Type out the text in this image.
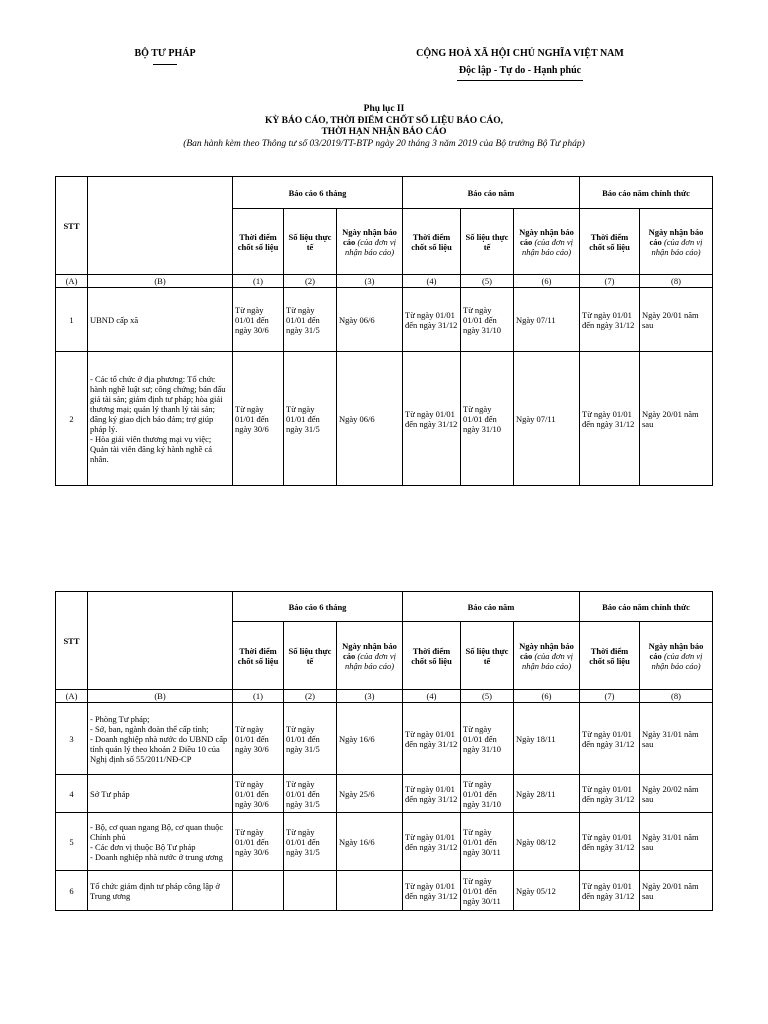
BỘ TƯ PHÁP	CỘNG HOÀ XÃ HỘI CHỦ NGHĨA VIỆT NAM
Độc lập - Tự do - Hạnh phúc
Phụ lục II
KỲ BÁO CÁO, THỜI ĐIỂM CHỐT SỐ LIỆU BÁO CÁO,
THỜI HẠN NHẬN BÁO CÁO
(Ban hành kèm theo Thông tư số 03/2019/TT-BTP ngày 20 tháng 3 năm 2019 của Bộ trưởng Bộ Tư pháp)
STT		Báo cáo 6 tháng			Báo cáo năm			Báo cáo năm chính thức	
		Thời điểm chốt số liệu	Số liệu thực tế	Ngày nhận báo cáo (của đơn vị nhận báo cáo)	Thời điểm chốt số liệu	Số liệu thực tế	Ngày nhận báo cáo (của đơn vị nhận báo cáo)	Thời điểm chốt số liệu	Ngày nhận báo cáo (của đơn vị nhận báo cáo)
(A)	(B)	(1)	(2)	(3)	(4)	(5)	(6)	(7)	(8)
1	UBND cấp xã	Từ ngày 01/01 đến ngày 30/6	Từ ngày 01/01 đến ngày 31/5	Ngày 06/6	Từ ngày 01/01 đến ngày 31/12	Từ ngày 01/01 đến ngày 31/10	Ngày 07/11	Từ ngày 01/01 đến ngày 31/12	Ngày 20/01 năm sau
2	- Các tổ chức ở địa phương: Tổ chức hành nghề luật sư; công chứng; bán đấu giá tài sản; giám định tư pháp; hòa giải thương mại; quản lý thanh lý tài sản; đăng ký giao dịch bảo đảm; trợ giúp pháp lý.
- Hòa giải viên thương mại vụ việc; Quản tài viên đăng ký hành nghề cá nhân.	Từ ngày 01/01 đến ngày 30/6	Từ ngày 01/01 đến ngày 31/5	Ngày 06/6	Từ ngày 01/01 đến ngày 31/12	Từ ngày 01/01 đến ngày 31/10	Ngày 07/11	Từ ngày 01/01 đến ngày 31/12	Ngày 20/01 năm sau
STT		Báo cáo 6 tháng			Báo cáo năm			Báo cáo năm chính thức	
		Thời điểm chốt số liệu	Số liệu thực tế	Ngày nhận báo cáo (của đơn vị nhận báo cáo)	Thời điểm chốt số liệu	Số liệu thực tế	Ngày nhận báo cáo (của đơn vị nhận báo cáo)	Thời điểm chốt số liệu	Ngày nhận báo cáo (của đơn vị nhận báo cáo)
(A)	(B)	(1)	(2)	(3)	(4)	(5)	(6)	(7)	(8)
3	- Phòng Tư pháp;
- Sở, ban, ngành đoàn thể cấp tỉnh;
- Doanh nghiệp nhà nước do UBND cấp tỉnh quản lý theo khoản 2 Điều 10 của Nghị định số 55/2011/NĐ-CP	Từ ngày 01/01 đến ngày 30/6	Từ ngày 01/01 đến ngày 31/5	Ngày 16/6	Từ ngày 01/01 đến ngày 31/12	Từ ngày 01/01 đến ngày 31/10	Ngày 18/11	Từ ngày 01/01 đến ngày 31/12	Ngày 31/01 năm sau
4	Sở Tư pháp	Từ ngày 01/01 đến ngày 30/6	Từ ngày 01/01 đến ngày 31/5	Ngày 25/6	Từ ngày 01/01 đến ngày 31/12	Từ ngày 01/01 đến ngày 31/10	Ngày 28/11	Từ ngày 01/01 đến ngày 31/12	Ngày 20/02 năm sau
5	- Bộ, cơ quan ngang Bộ, cơ quan thuộc Chính phủ
- Các đơn vị thuộc Bộ Tư pháp
- Doanh nghiệp nhà nước ở trung ương	Từ ngày 01/01 đến ngày 30/6	Từ ngày 01/01 đến ngày 31/5	Ngày 16/6	Từ ngày 01/01 đến ngày 31/12	Từ ngày 01/01 đến ngày 30/11	Ngày 08/12	Từ ngày 01/01 đến ngày 31/12	Ngày 31/01 năm sau
6	Tổ chức giám định tư pháp công lập ở Trung ương				Từ ngày 01/01 đến ngày 31/12	Từ ngày 01/01 đến ngày 30/11	Ngày 05/12	Từ ngày 01/01 đến ngày 31/12	Ngày 20/01 năm sau
